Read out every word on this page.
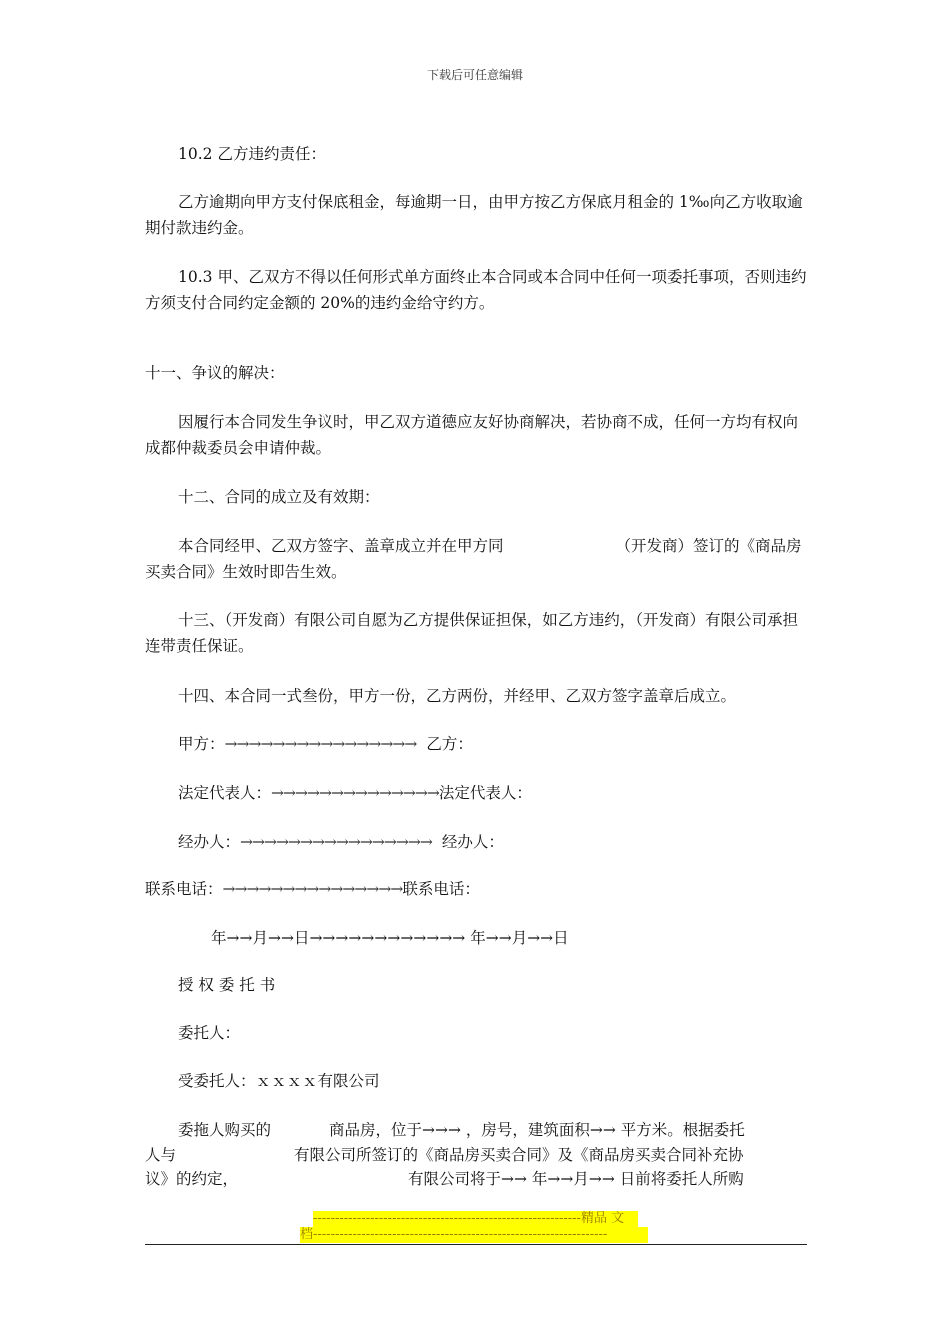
下载后可任意编辑
10.2 乙方违约责任：
乙方逾期向甲方支付保底租金，每逾期一日，由甲方按乙方保底月租金的 1‰向乙方收取逾期付款违约金。
10.3 甲、乙双方不得以任何形式单方面终止本合同或本合同中任何一项委托事项，否则违约方须支付合同约定金额的 20%的违约金给守约方。
十一、争议的解决：
因履行本合同发生争议时，甲乙双方道德应友好协商解决，若协商不成，任何一方均有权向成都仲裁委员会申请仲裁。
十二、合同的成立及有效期：
本合同经甲、乙双方签字、盖章成立并在甲方同	（开发商）签订的《商品房买卖合同》生效时即告生效。
十三、（开发商）有限公司自愿为乙方提供保证担保，如乙方违约，（开发商）有限公司承担连带责任保证。
十四、本合同一式叁份，甲方一份，乙方两份，并经甲、乙双方签字盖章后成立。
甲方：→→→→→→→→→→→→→→→→ 乙方：
法定代表人：→→→→→→→→→→→→→→法定代表人：
经办人：→→→→→→→→→→→→→→→→ 经办人：
联系电话：→→→→→→→→→→→→→→→联系电话：
年→→月→→日→→→→→→→→→→→→ 年→→月→→日
授 权 委 托 书
委托人：
受委托人：ｘｘｘｘ有限公司
委拖人购买的	商品房，位于→→→ ，房号，建筑面积→→ 平方米。根据委托
人与	有限公司所签订的《商品房买卖合同》及《商品房买卖合同补充协
议》的约定，	有限公司将于→→ 年→→月→→ 日前将委托人所购
-------------------------------------------------------------精品 文
档-------------------------------------------------------------------
